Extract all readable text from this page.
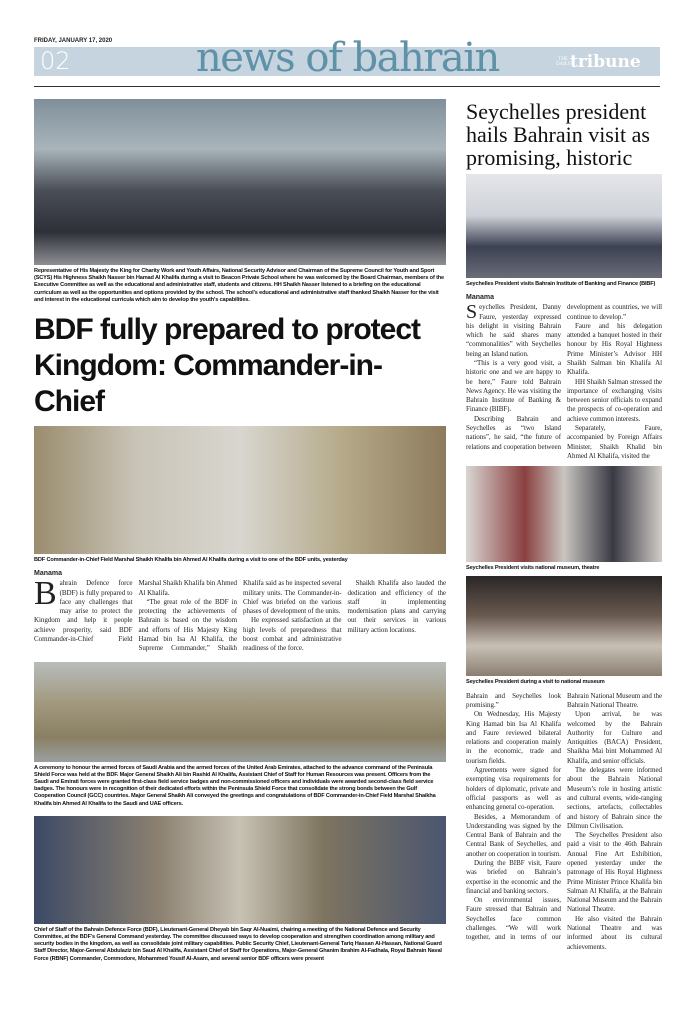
FRIDAY, JANUARY 17, 2020
02	news of bahrain	THE DAILY
tribune
Representative of His Majesty the King for Charity Work and Youth Affairs, National Security Advisor and Chairman of the Supreme Council for Youth and Sport (SCYS) His Highness Shaikh Nasser bin Hamad Al Khalifa during a visit to Beacon Private School where he was welcomed by the Board Chairman, members of the Executive Committee as well as the educational and administrative staff, students and citizens. HH Shaikh Nasser listened to a briefing on the educational curriculum as well as the opportunities and options provided by the school. The school's educational and administrative staff thanked Shaikh Nasser for the visit and interest in the educational curricula which aim to develop the youth's capabilities.
BDF fully prepared to protect Kingdom: Commander-in-Chief
BDF Commander-in-Chief Field Marshal Shaikh Khalifa bin Ahmed Al Khalifa during a visit to one of the BDF units, yesterday
Manama

Bahrain Defence force (BDF) is fully prepared to face any challenges that may arise to protect the Kingdom and help it people achieve prosperity, said BDF Commander-in-Chief Field Marshal Shaikh Khalifa bin Ahmed Al Khalifa.

“The great role of the BDF in protecting the achievements of Bahrain is based on the wisdom and efforts of His Majesty King Hamad bin Isa Al Khalifa, the Supreme Commander,” Shaikh Khalifa said as he inspected several military units. The Commander-in-Chief was briefed on the various phases of development of the units.

He expressed satisfaction at the high levels of preparedness that boost combat and administrative readiness of the force.

Shaikh Khalifa also lauded the dedication and efficiency of the staff in implementing modernisation plans and carrying out their services in various military action locations.

A ceremony to honour the armed forces of Saudi Arabia and the armed forces of the United Arab Emirates, attached to the advance command of the Peninsula Shield Force was held at the BDF. Major General Shaikh Ali bin Rashid Al Khalifa, Assistant Chief of Staff for Human Resources was present. Officers from the Saudi and Emirati forces were granted first-class field service badges and non-commissioned officers and individuals were awarded second-class field service badges. The honours were in recognition of their dedicated efforts within the Peninsula Shield Force that consolidate the strong bonds between the Gulf Cooperation Council (GCC) countries. Major General Shaikh Ali conveyed the greetings and congratulations of BDF Commander-in-Chief Field Marshal Shaikha Khalifa bin Ahmed Al Khalifa to the Saudi and UAE officers.
Chief of Staff of the Bahrain Defence Force (BDF), Lieutenant-General Dheyab bin Saqr Al-Nuaimi, chairing a meeting of the National Defence and Security Committee, at the BDF’s General Command yesterday. The committee discussed ways to develop cooperation and strengthen coordination among military and security bodies in the kingdom, as well as consolidate joint military capabilities. Public Security Chief, Lieutenant-General Tariq Hassan Al-Hassan, National Guard Staff Director, Major-General Abdulaziz bin Saud Al Khalifa, Assistant Chief of Staff for Operations, Major-General Ghanim Ibrahim Al-Fadhala, Royal Bahrain Naval Force (RBNF) Commander, Commodore, Mohammed Yousif Al-Asam, and several senior BDF officers were present
Seychelles president hails Bahrain visit as promising, historic
Seychelles President visits Bahrain Institute of Banking and Finance (BIBF)
Manama

Seychelles President, Danny Faure, yesterday expressed his delight in visiting Bahrain which he said shares many “commonalities” with Seychelles being an Island nation.

“This is a very good visit, a historic one and we are happy to be here,” Faure told Bahrain News Agency. He was visiting the Bahrain Institute of Banking & Finance (BIBF).

Describing Bahrain and Seychelles as “two Island nations”, he said, “the future of relations and cooperation between development as countries, we will continue to develop.”

Faure and his delegation attended a banquet hosted in their honour by His Royal Highness Prime Minister’s Advisor HH Shaikh Salman bin Khalifa Al Khalifa.

HH Shaikh Salman stressed the importance of exchanging visits between senior officials to expand the prospects of co-operation and achieve common interests.

Separately, Faure, accompanied by Foreign Affairs Minister, Shaikh Khalid bin Ahmed Al Khalifa, visited the

Seychelles President visits national museum, theatre
Seychelles President during a visit to national museum

Bahrain and Seychelles look promising.”

On Wednesday, His Majesty King Hamad bin Isa Al Khalifa and Faure reviewed bilateral relations and cooperation mainly in the economic, trade and tourism fields.

Agreements were signed for exempting visa requirements for holders of diplomatic, private and official passports as well as enhancing general co-operation.

Besides, a Memorandum of Understanding was signed by the Central Bank of Bahrain and the Central Bank of Seychelles, and another on cooperation in tourism.

During the BIBF visit, Faure was briefed on Bahrain’s expertise in the economic and the financial and banking sectors.

On environmental issues, Faure stressed that Bahrain and Seychelles face common challenges. “We will work together, and in terms of our Bahrain National Museum and the Bahrain National Theatre.

Upon arrival, he was welcomed by the Bahrain Authority for Culture and Antiquities (BACA) President, Shaikha Mai bint Mohammed Al Khalifa, and senior officials.

The delegates were informed about the Bahrain National Museum’s role in hosting artistic and cultural events, wide-ranging sections, artefacts, collectables and history of Bahrain since the Dilmun Civilisation.

The Seychelles President also paid a visit to the 46th Bahrain Annual Fine Art Exhibition, opened yesterday under the patronage of His Royal Highness Prime Minister Prince Khalifa bin Salman Al Khalifa, at the Bahrain National Museum and the Bahrain National Theatre.

He also visited the Bahrain National Theatre and was informed about its cultural achievements.
